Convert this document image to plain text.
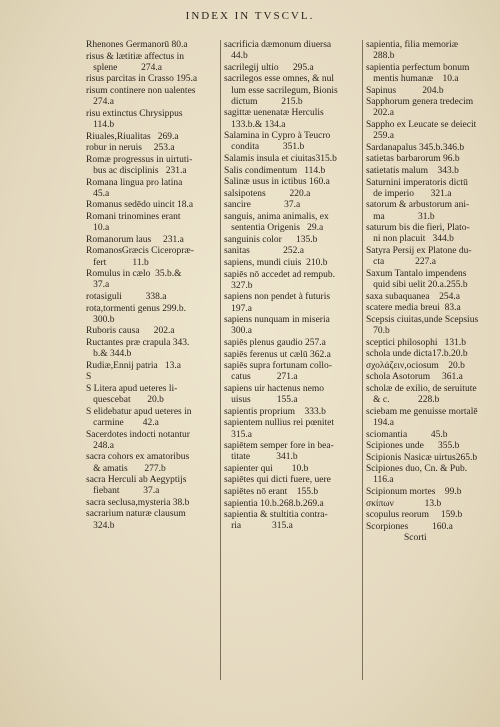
INDEX IN TVSCVL.
Rhenones Germanorū 80.a
risus & lætitiæ affectus in
splene          274.a
risus parcitas in Crasso 195.a
risum continere non ualentes
274.a
risu extinctus Chrysippus
114.b
Riuales,Riualitas   269.a
robur in neruis     253.a
Romæ progressus in uirtuti-
bus ac disciplinis   231.a
Romana lingua pro latina
45.a
Romanus sedēdo uincit 18.a
Romani trinomines erant
10.a
Romanorum laus     231.a
RomanosGræcis Ciceropræ-
fert           11.b
Romulus in cælo  35.b.&
37.a
rotasiguli          338.a
rota,tormenti genus 299.b.
300.b
Ruboris causa      202.a
Ructantes præ crapula 343.
b.& 344.b
Rudiæ,Ennij patria   13.a
S
S Litera apud ueteres li-
quescebat       20.b
S elidebatur apud ueteres in
carmine        42.a
Sacerdotes indocti notantur
248.a
sacra cohors ex amatoribus
& amatis       277.b
sacra Herculi ab Aegyptijs
fiebant          37.a
sacra seclusa,mysteria 38.b
sacrarium naturæ clausum
324.b
sacrificia dæmonum diuersa
44.b
sacrilegij ultio      295.a
sacrilegos esse omnes, & nul
lum esse sacrilegum, Bionis
dictum          215.b
sagittæ uenenatæ Herculis
133.b.& 134.a
Salamina in Cypro à Teucro
condita          351.b
Salamis insula et ciuitas315.b
Salis condimentum   114.b
Salinæ usus in ictibus 160.a
salsipotens          220.a
sancire              37.a
sanguis, anima animalis, ex
sententia Origenis   29.a
sanguinis color      135.b
sanitas              252.a
sapiens, mundi ciuis  210.b
sapiēs nō accedet ad rempub.
327.b
sapiens non pendet à futuris
197.a
sapiens nunquam in miseria
300.a
sapiēs plenus gaudio 257.a
sapiēs ferenus ut cælū 362.a
sapiēs supra fortunam collo-
catus           271.a
sapiens uir hactenus nemo
uisus           155.a
sapientis proprium    333.b
sapientem nullius rei pœnitet
315.a
sapiētem semper fore in bea-
titate           341.b
sapienter qui        10.b
sapiētes qui dicti fuere, uere
sapiētes nō erant    155.b
sapientia 10.b.268.b.269.a
sapientia & stultitia contra-
ria             315.a
sapientia, filia memoriæ
288.b
sapientia perfectum bonum
mentis humanæ    10.a
Sapinus           204.b
Sapphorum genera tredecim
202.a
Sappho ex Leucate se deiecit
259.a
Sardanapalus 345.b.346.b
satietas barbarorum 96.b
satietatis malum    343.b
Saturnini imperatoris dictū
de imperio       321.a
satorum & arbustorum ani-
ma              31.b
saturum bis die fieri, Plato-
ni non placuit   344.b
Satyra Persij ex Platone du-
cta             227.a
Saxum Tantalo impendens
quid sibi uelit 20.a.255.b
saxa subaquanea    254.a
scatere media breui  83.a
Scepsis ciuitas,unde Scepsius
70.b
sceptici philosophi   131.b
schola unde dicta17.b.20.b
σχολάζειν,ociosum    20.b
schola Asotorum     361.a
scholæ de exilio, de seruitute
& c.            228.b
sciebam me genuisse mortalē
194.a
sciomantia          45.b
Scipiones unde      355.b
Scipionis Nasicæ uirtus265.b
Scipiones duo, Cn. & Pub.
116.a
Scipionum mortes    99.b
σκίπων             13.b
scopulus reorum     159.b
Scorpiones          160.a
Scorti
